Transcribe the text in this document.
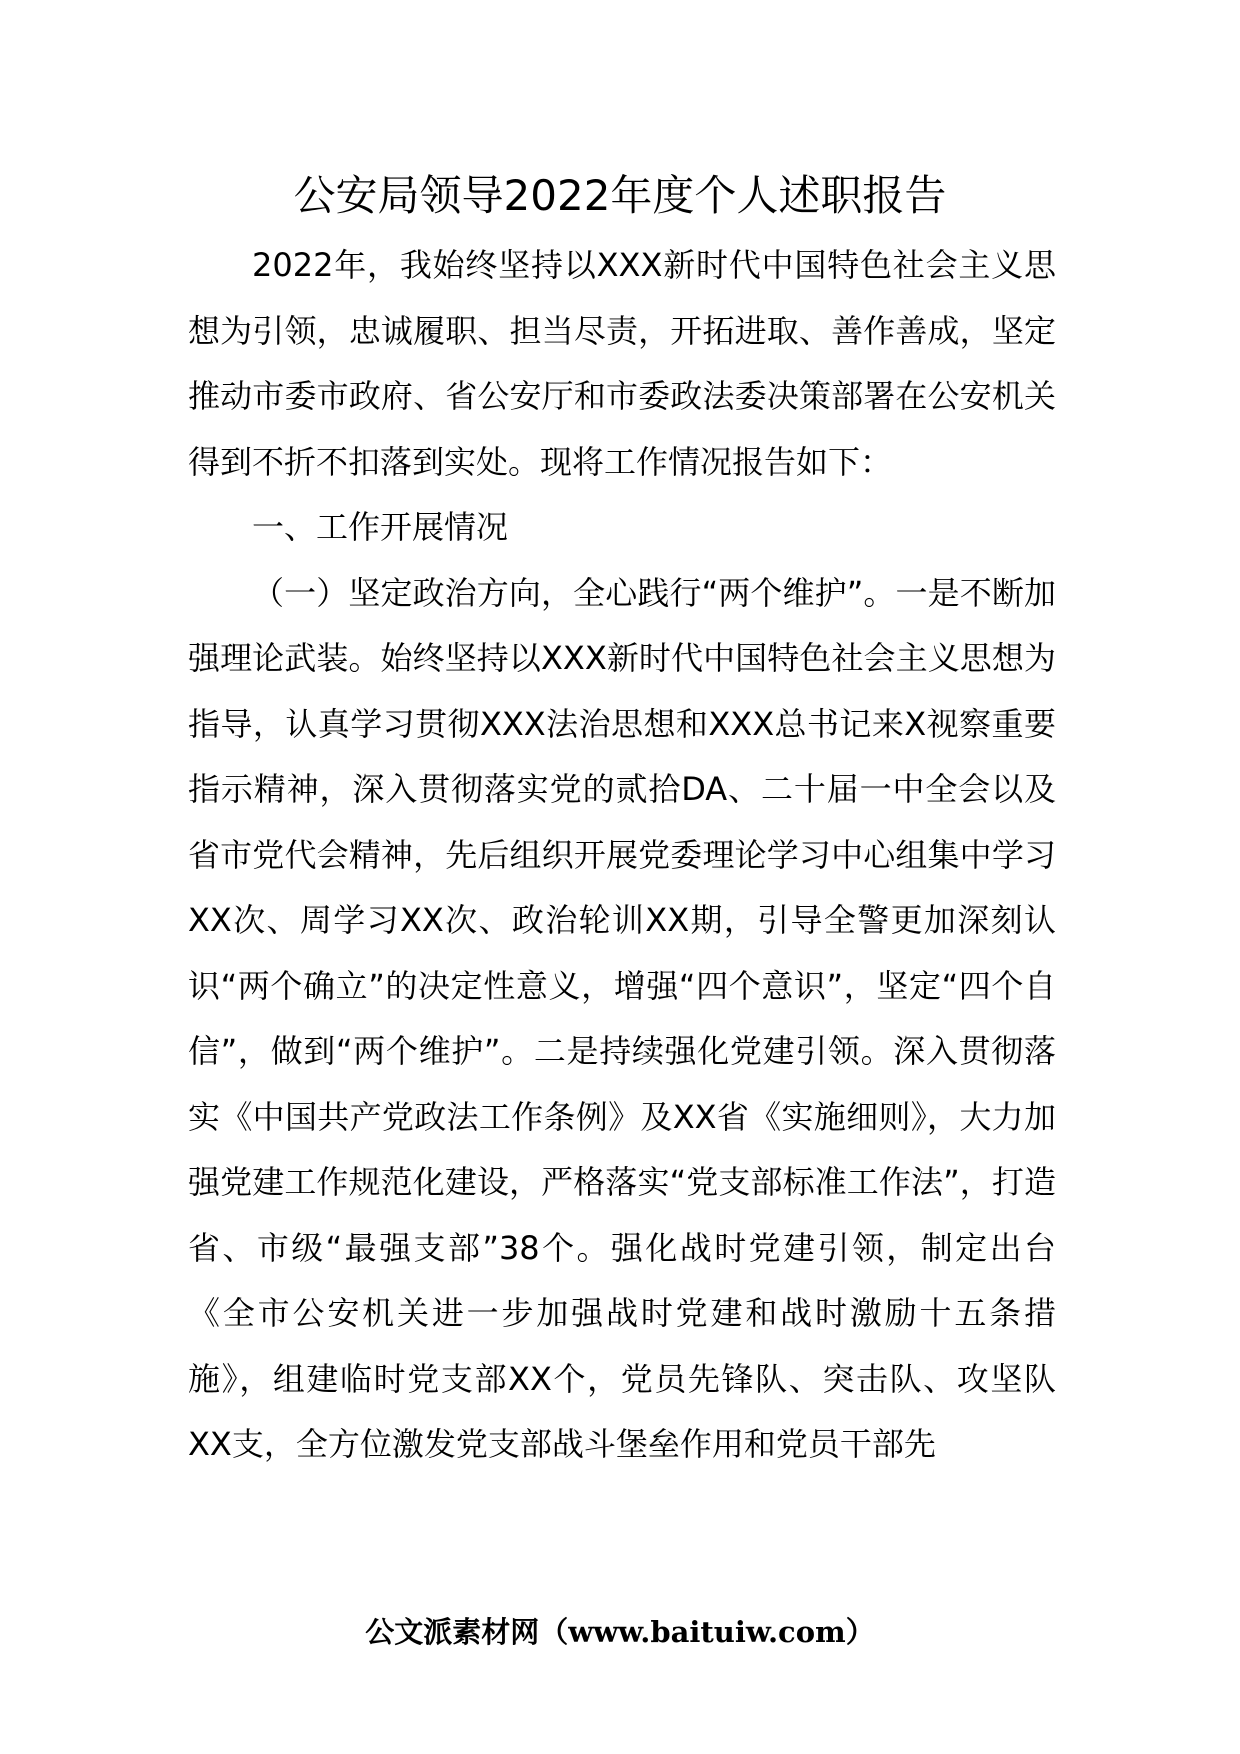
公安局领导2022年度个人述职报告

2022年，我始终坚持以XXX新时代中国特色社会主义思想为引领，忠诚履职、担当尽责，开拓进取、善作善成，坚定推动市委市政府、省公安厅和市委政法委决策部署在公安机关得到不折不扣落到实处。现将工作情况报告如下：

一、工作开展情况

（一）坚定政治方向，全心践行“两个维护”。一是不断加强理论武装。始终坚持以XXX新时代中国特色社会主义思想为指导，认真学习贯彻XXX法治思想和XXX总书记来X视察重要指示精神，深入贯彻落实党的贰拾DA、二十届一中全会以及省市党代会精神，先后组织开展党委理论学习中心组集中学习XX次、周学习XX次、政治轮训XX期，引导全警更加深刻认识“两个确立”的决定性意义，增强“四个意识”，坚定“四个自信”，做到“两个维护”。二是持续强化党建引领。深入贯彻落实《中国共产党政法工作条例》及XX省《实施细则》，大力加强党建工作规范化建设，严格落实“党支部标准工作法”，打造省、市级“最强支部”38个。强化战时党建引领，制定出台《全市公安机关进一步加强战时党建和战时激励十五条措施》，组建临时党支部XX个，党员先锋队、突击队、攻坚队XX支，全方位激发党支部战斗堡垒作用和党员干部先

公文派素材网（www.baituiw.com）
